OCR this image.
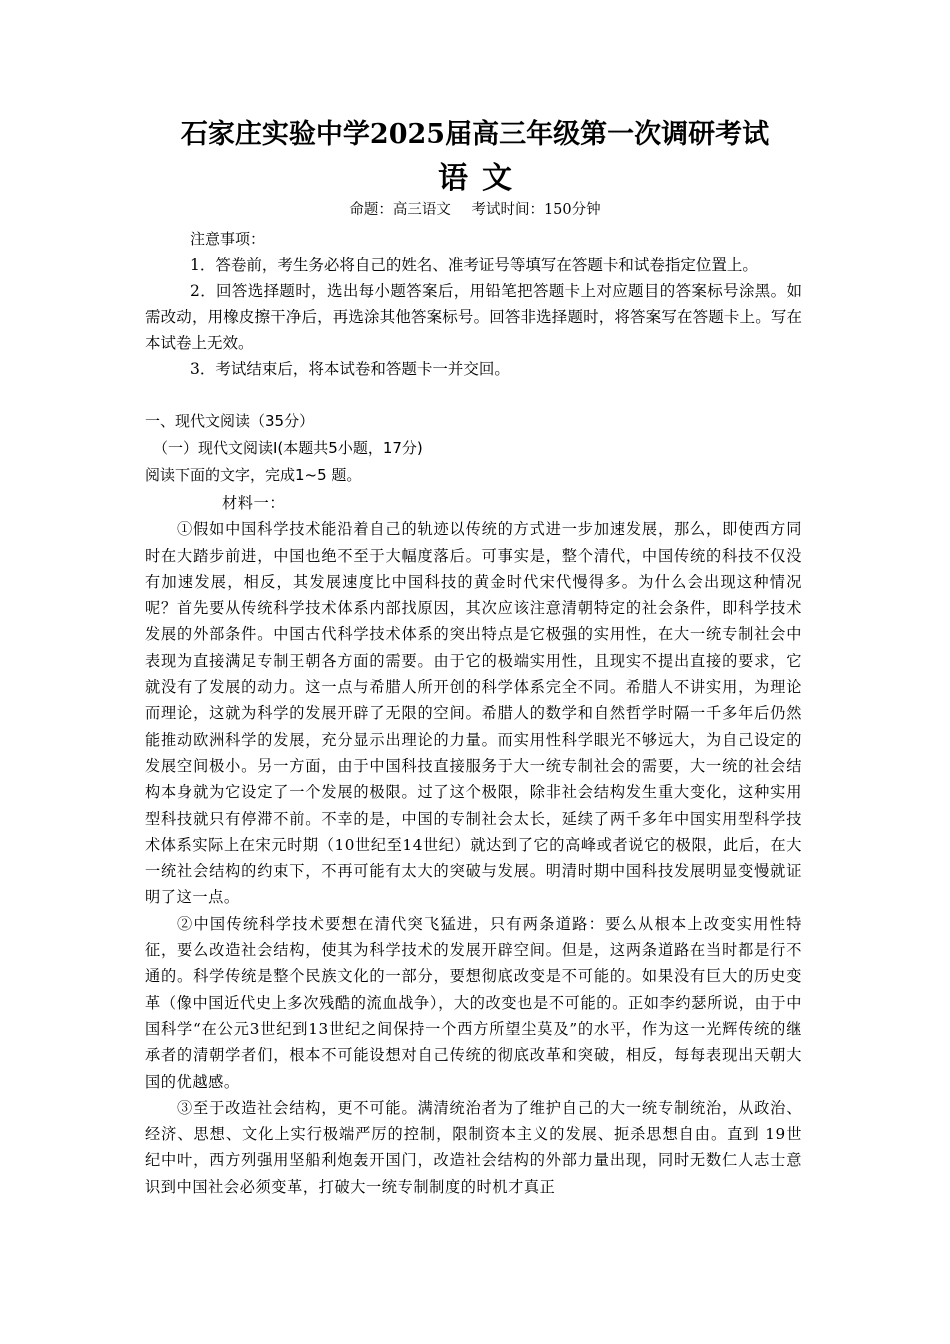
石家庄实验中学2025届高三年级第一次调研考试
语文
命题：高三语文 考试时间：150分钟
注意事项：

1．答卷前，考生务必将自己的姓名、准考证号等填写在答题卡和试卷指定位置上。

2．回答选择题时，选出每小题答案后，用铅笔把答题卡上对应题目的答案标号涂黑。如需改动，用橡皮擦干净后，再选涂其他答案标号。回答非选择题时，将答案写在答题卡上。写在本试卷上无效。

3．考试结束后，将本试卷和答题卡一并交回。

一、现代文阅读（35分）

（一）现代文阅读Ⅰ(本题共5小题，17分)

阅读下面的文字，完成1~5 题。

材料一：

①假如中国科学技术能沿着自己的轨迹以传统的方式进一步加速发展，那么，即使西方同时在大踏步前进，中国也绝不至于大幅度落后。可事实是，整个清代，中国传统的科技不仅没有加速发展，相反，其发展速度比中国科技的黄金时代宋代慢得多。为什么会出现这种情况呢？首先要从传统科学技术体系内部找原因，其次应该注意清朝特定的社会条件，即科学技术发展的外部条件。中国古代科学技术体系的突出特点是它极强的实用性，在大一统专制社会中表现为直接满足专制王朝各方面的需要。由于它的极端实用性，且现实不提出直接的要求，它就没有了发展的动力。这一点与希腊人所开创的科学体系完全不同。希腊人不讲实用，为理论而理论，这就为科学的发展开辟了无限的空间。希腊人的数学和自然哲学时隔一千多年后仍然能推动欧洲科学的发展，充分显示出理论的力量。而实用性科学眼光不够远大，为自己设定的发展空间极小。另一方面，由于中国科技直接服务于大一统专制社会的需要，大一统的社会结构本身就为它设定了一个发展的极限。过了这个极限，除非社会结构发生重大变化，这种实用型科技就只有停滞不前。不幸的是，中国的专制社会太长，延续了两千多年中国实用型科学技术体系实际上在宋元时期（10世纪至14世纪）就达到了它的高峰或者说它的极限，此后，在大一统社会结构的约束下，不再可能有太大的突破与发展。明清时期中国科技发展明显变慢就证明了这一点。

②中国传统科学技术要想在清代突飞猛进，只有两条道路：要么从根本上改变实用性特征，要么改造社会结构，使其为科学技术的发展开辟空间。但是，这两条道路在当时都是行不通的。科学传统是整个民族文化的一部分，要想彻底改变是不可能的。如果没有巨大的历史变革（像中国近代史上多次残酷的流血战争），大的改变也是不可能的。正如李约瑟所说，由于中国科学“在公元3世纪到13世纪之间保持一个西方所望尘莫及”的水平，作为这一光辉传统的继承者的清朝学者们，根本不可能设想对自己传统的彻底改革和突破，相反，每每表现出天朝大国的优越感。

③至于改造社会结构，更不可能。满清统治者为了维护自己的大一统专制统治，从政治、经济、思想、文化上实行极端严厉的控制，限制资本主义的发展、扼杀思想自由。直到 19世纪中叶，西方列强用坚船利炮轰开国门，改造社会结构的外部力量出现，同时无数仁人志士意识到中国社会必须变革，打破大一统专制制度的时机才真正
